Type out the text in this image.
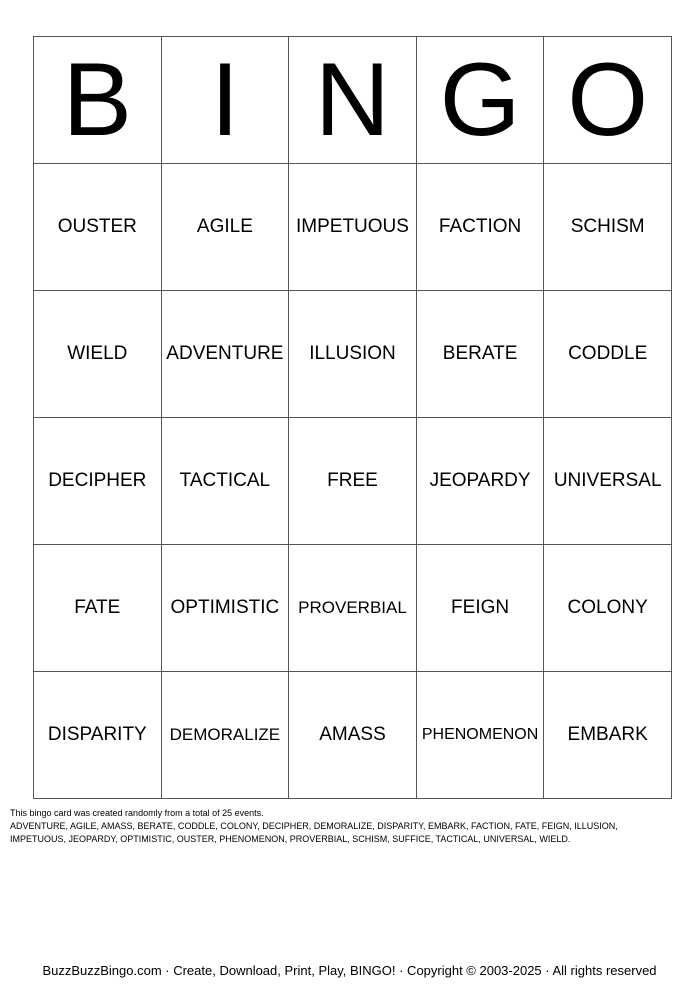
B	I	N	G	O
OUSTER	AGILE	IMPETUOUS	FACTION	SCHISM
WIELD	ADVENTURE	ILLUSION	BERATE	CODDLE
DECIPHER	TACTICAL	FREE	JEOPARDY	UNIVERSAL
FATE	OPTIMISTIC	PROVERBIAL	FEIGN	COLONY
DISPARITY	DEMORALIZE	AMASS	PHENOMENON	EMBARK

This bingo card was created randomly from a total of 25 events.

ADVENTURE, AGILE, AMASS, BERATE, CODDLE, COLONY, DECIPHER, DEMORALIZE, DISPARITY, EMBARK, FACTION, FATE, FEIGN, ILLUSION,

IMPETUOUS, JEOPARDY, OPTIMISTIC, OUSTER, PHENOMENON, PROVERBIAL, SCHISM, SUFFICE, TACTICAL, UNIVERSAL, WIELD.

BuzzBuzzBingo.com · Create, Download, Print, Play, BINGO! · Copyright © 2003-2025 · All rights reserved
